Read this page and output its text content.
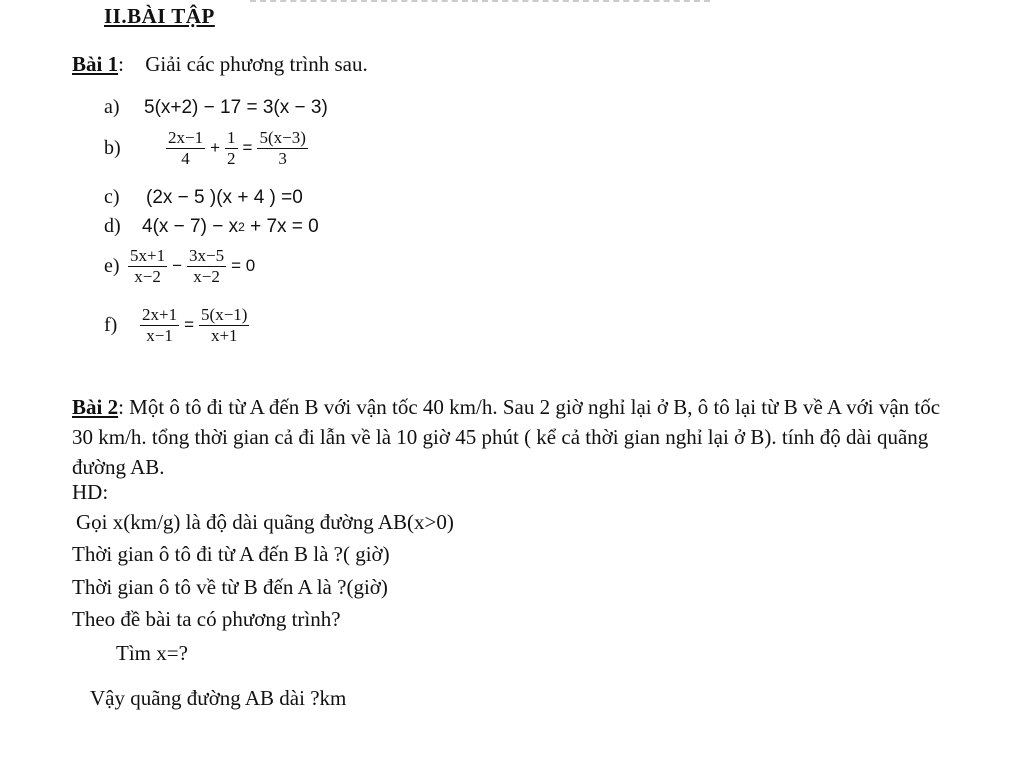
II.BÀI TẬP
Bài 1: Giải các phương trình sau.
a)	5(x+2) − 17 = 3(x − 3)
b)	$\frac{2x-1}{4} + \frac{1}{2} = \frac{5(x-3)}{3}$
c)	(2x − 5 )(x + 4 ) =0
d)	4(x − 7) − x 2 + 7x = 0
$e) \frac{5x+1}{x-2} - \frac{3x-5}{x-2} = 0$
f)	$\frac{2x+1}{x-1} = \frac{5(x-1)}{x+1}$
Bài 2: Một ô tô đi từ A đến B với vận tốc 40 km/h. Sau 2 giờ nghỉ lại ở B, ô tô lại từ B về A với vận tốc 30 km/h. tổng thời gian cả đi lẫn về là 10 giờ 45 phút ( kể cả thời gian nghỉ lại ở B). tính độ dài quãng đường AB.
HD:
Gọi x(km/g) là độ dài quãng đường AB(x>0)
Thời gian ô tô đi từ A đến B là ?( giờ)
Thời gian ô tô về từ B đến A là ?(giờ)
Theo đề bài ta có phương trình?
Tìm x=?
Vậy quãng đường AB dài ?km
